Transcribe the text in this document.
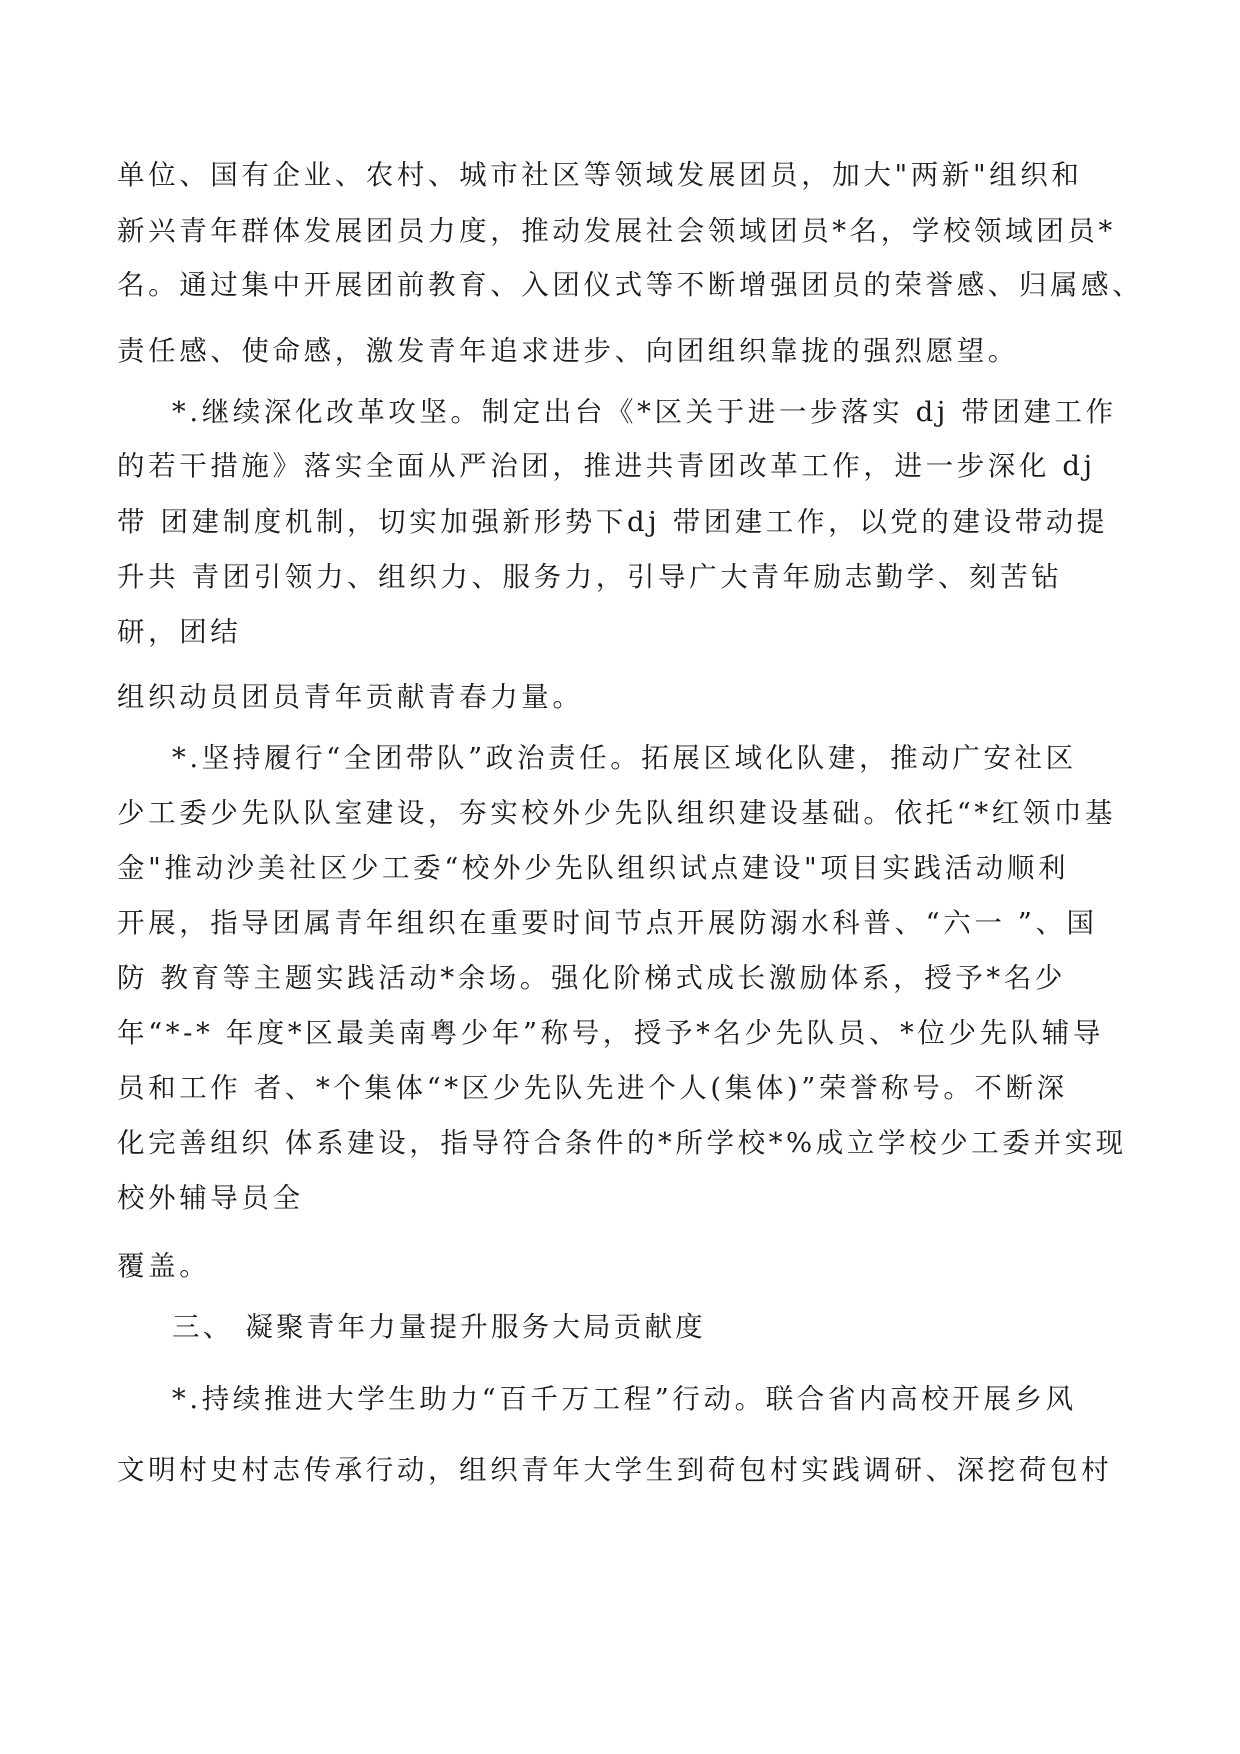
单位、国有企业、农村、城市社区等领域发展团员，加大"两新"组织和
新兴青年群体发展团员力度，推动发展社会领域团员*名，学校领域团员*
名。通过集中开展团前教育、入团仪式等不断增强团员的荣誉感、归属感、
责任感、使命感，激发青年追求进步、向团组织靠拢的强烈愿望。
*.继续深化改革攻坚。制定出台《*区关于进一步落实 dj 带团建工作
的若干措施》落实全面从严治团，推进共青团改革工作，进一步深化 dj
带 团建制度机制，切实加强新形势下dj 带团建工作，以党的建设带动提
升共 青团引领力、组织力、服务力，引导广大青年励志勤学、刻苦钻
研，团结
组织动员团员青年贡献青春力量。
*.坚持履行“全团带队”政治责任。拓展区域化队建，推动广安社区
少工委少先队队室建设，夯实校外少先队组织建设基础。依托“*红领巾基
金"推动沙美社区少工委“校外少先队组织试点建设"项目实践活动顺利
开展，指导团属青年组织在重要时间节点开展防溺水科普、“六一 ”、国
防 教育等主题实践活动*余场。强化阶梯式成长激励体系，授予*名少
年“*-* 年度*区最美南粤少年”称号，授予*名少先队员、*位少先队辅导
员和工作 者、*个集体“*区少先队先进个人(集体)”荣誉称号。不断深
化完善组织 体系建设，指导符合条件的*所学校*%成立学校少工委并实现
校外辅导员全
覆盖。
三、 凝聚青年力量提升服务大局贡献度
*.持续推进大学生助力“百千万工程”行动。联合省内高校开展乡风
文明村史村志传承行动，组织青年大学生到荷包村实践调研、深挖荷包村
